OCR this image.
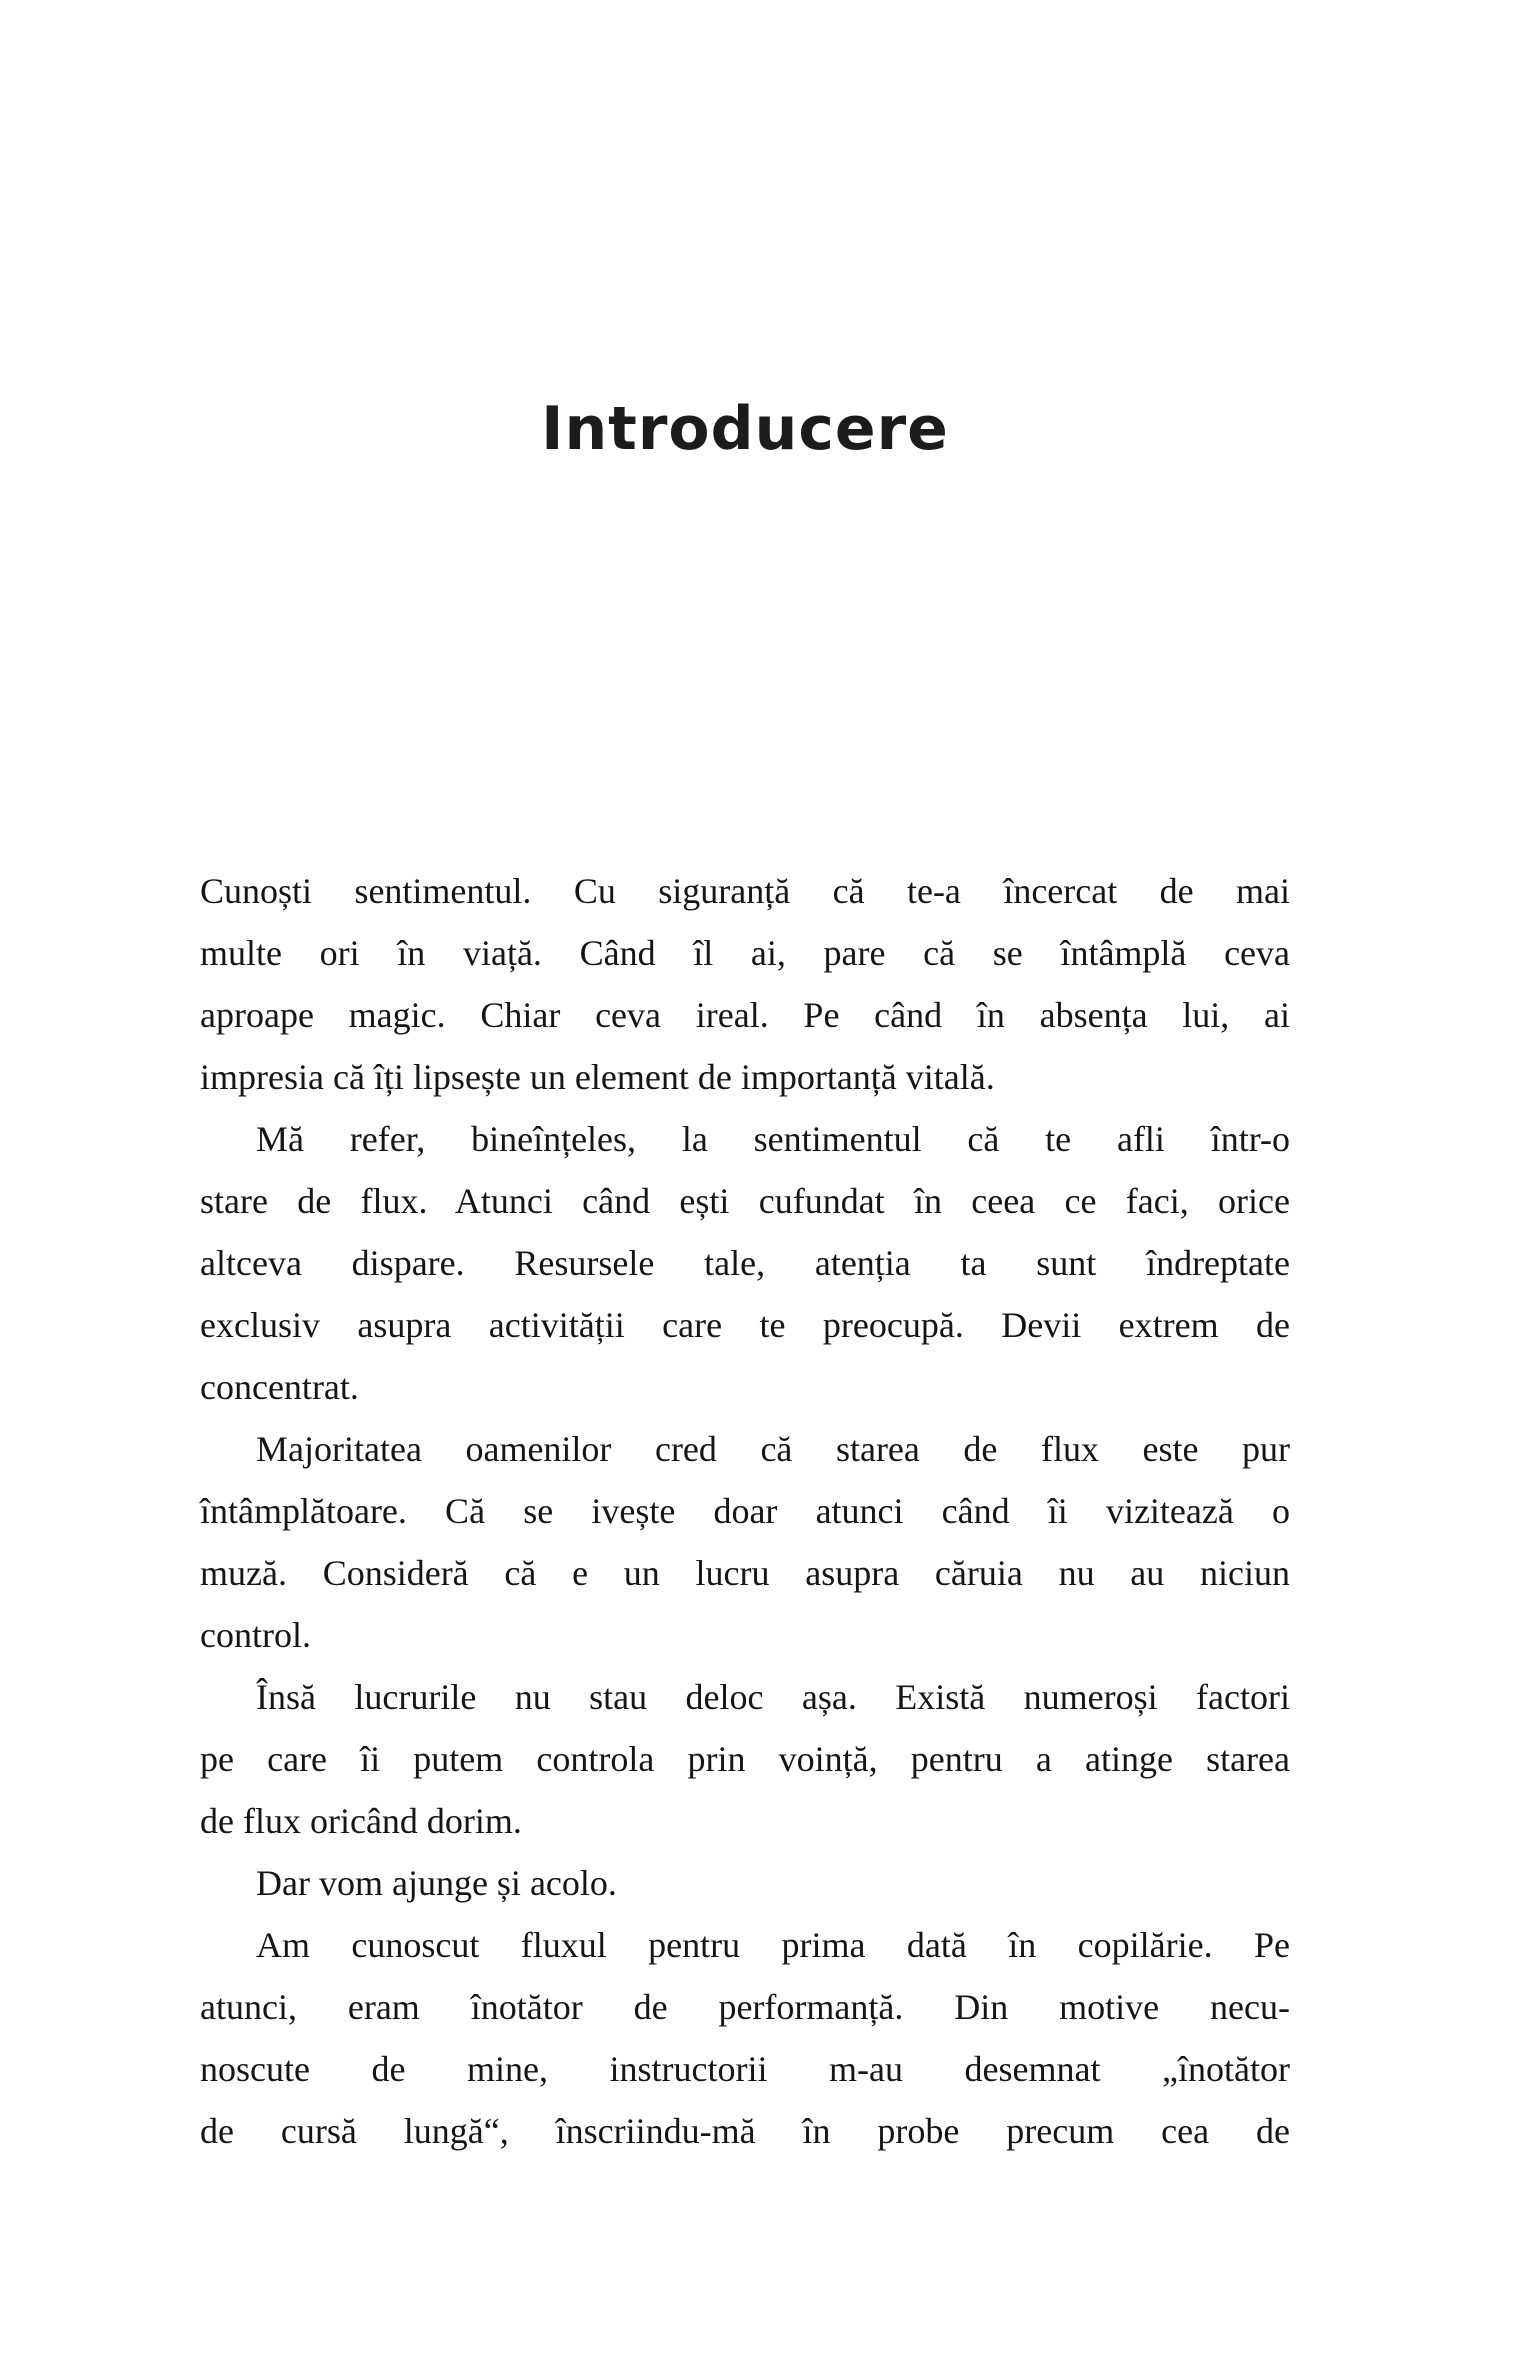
Introducere
Cunoști sentimentul. Cu siguranță că te-a încercat de mai
multe ori în viață. Când îl ai, pare că se întâmplă ceva
aproape magic. Chiar ceva ireal. Pe când în absența lui, ai
impresia că îți lipsește un element de importanță vitală.
Mă refer, bineînțeles, la sentimentul că te afli într-o
stare de flux. Atunci când ești cufundat în ceea ce faci, orice
altceva dispare. Resursele tale, atenția ta sunt îndreptate
exclusiv asupra activității care te preocupă. Devii extrem de
concentrat.
Majoritatea oamenilor cred că starea de flux este pur
întâmplătoare. Că se ivește doar atunci când îi vizitează o
muză. Consideră că e un lucru asupra căruia nu au niciun
control.
Însă lucrurile nu stau deloc așa. Există numeroși factori
pe care îi putem controla prin voință, pentru a atinge starea
de flux oricând dorim.
Dar vom ajunge și acolo.
Am cunoscut fluxul pentru prima dată în copilărie. Pe
atunci, eram înotător de performanță. Din motive necu-
noscute de mine, instructorii m-au desemnat „înotător
de cursă lungă“, înscriindu-mă în probe precum cea de
